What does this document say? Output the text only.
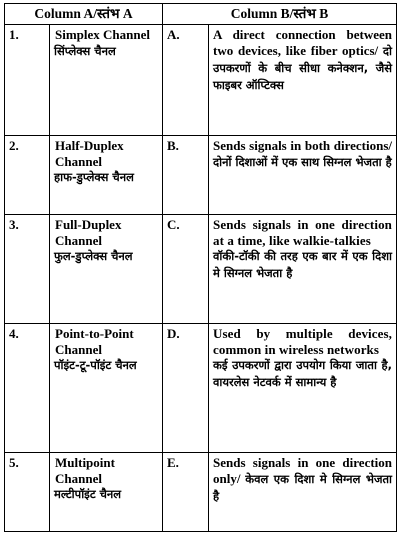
Column A/स्तंभ A		Column B/स्तंभ B	
1.	Simplex Channel
सिंप्लेक्स चैनल	A.	A direct connection between two devices, like fiber optics/ दो उपकरणों के बीच सीधा कनेक्शन, जैसे फाइबर ऑप्टिक्स
2.	Half-Duplex Channel
हाफ-डुप्लेक्स चैनल	B.	Sends signals in both directions/ दोनों दिशाओं में एक साथ सिग्नल भेजता है
3.	Full-Duplex Channel
फुल-डुप्लेक्स चैनल	C.	Sends signals in one direction at a time, like walkie-talkies
वॉकी-टॉकी की तरह एक बार में एक दिशा मे सिग्नल भेजता है
4.	Point-to-Point Channel
पॉइंट-टू-पॉइंट चैनल	D.	Used by multiple devices, common in wireless networks
कई उपकरणों द्वारा उपयोग किया जाता है, वायरलेस नेटवर्क में सामान्य है
5.	Multipoint Channel
मल्टीपॉइंट चैनल	E.	Sends signals in one direction only/ केवल एक दिशा मे सिग्नल भेजता है
